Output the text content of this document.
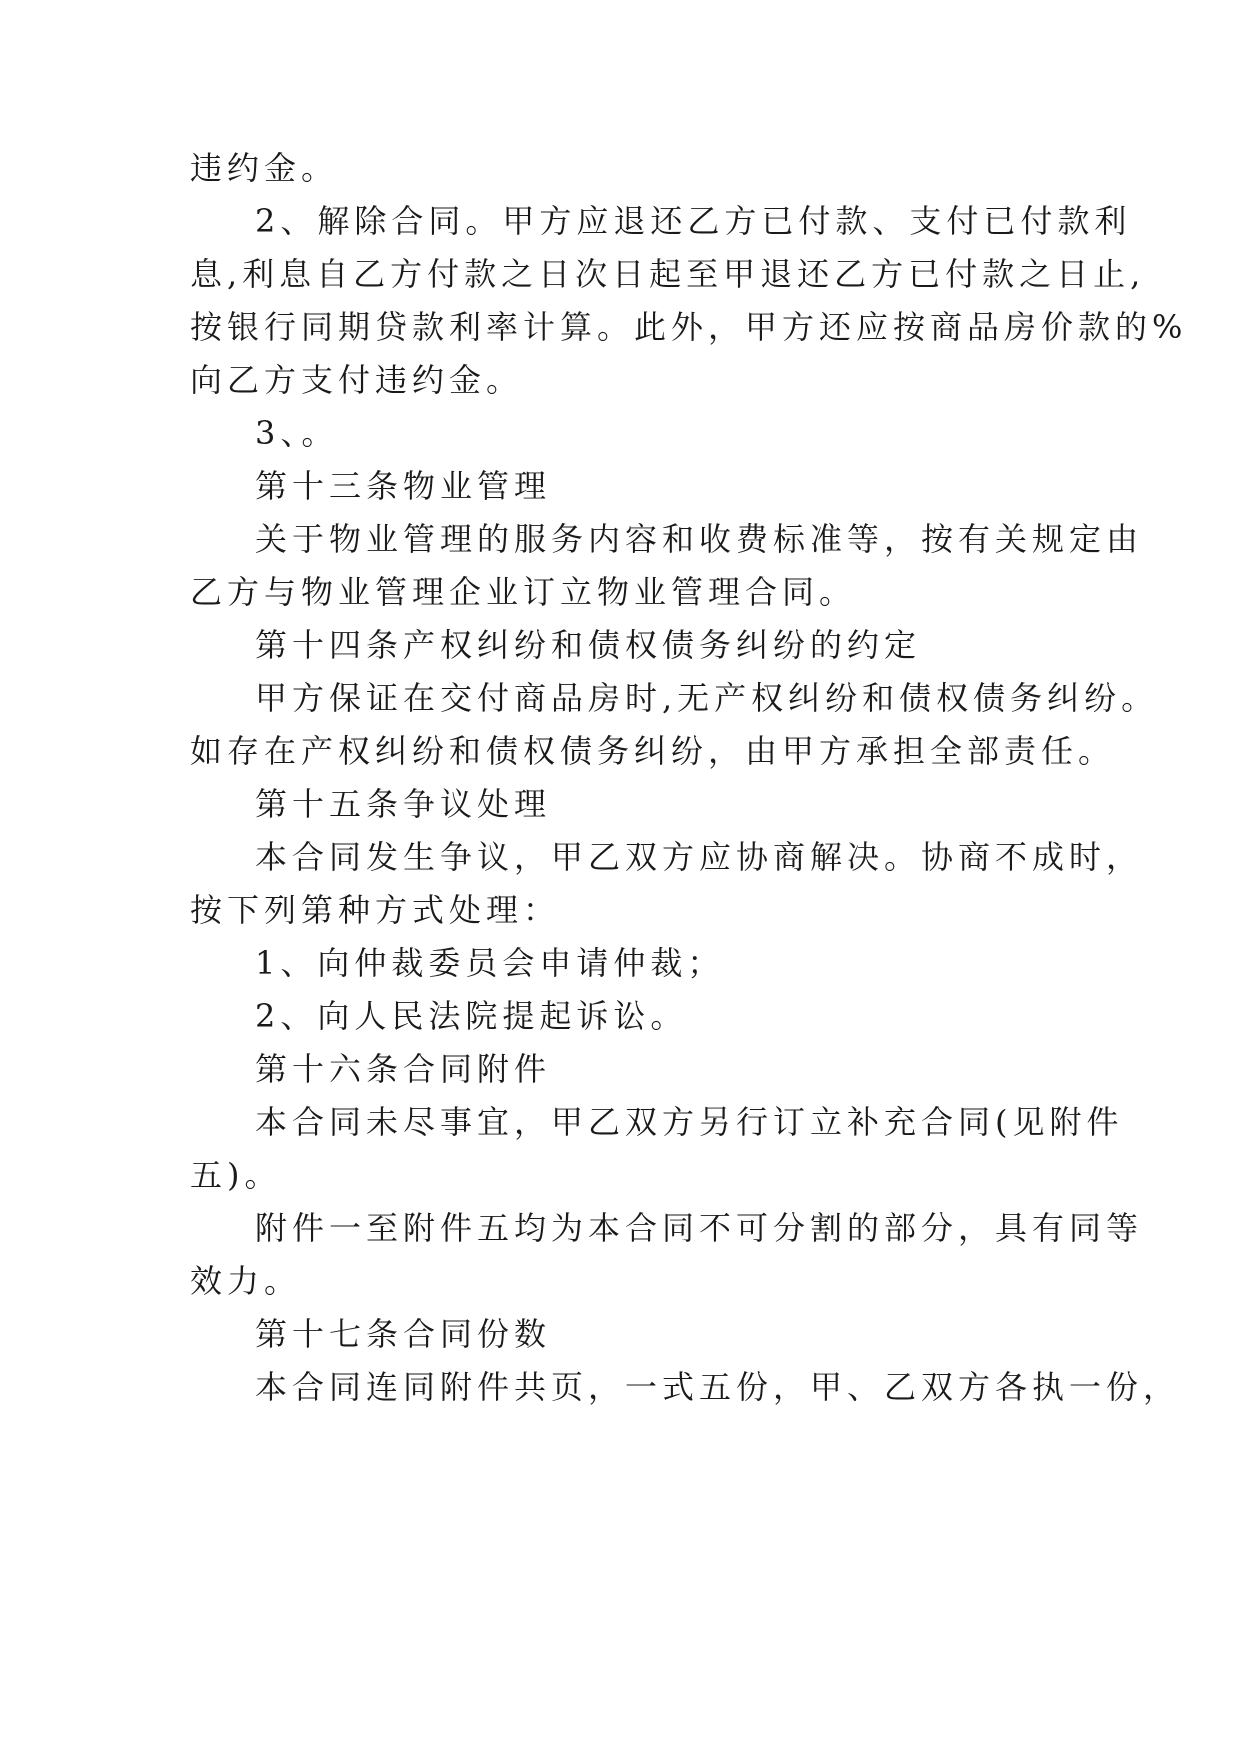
违约金。
2、解除合同。甲方应退还乙方已付款、支付已付款利
息,利息自乙方付款之日次日起至甲退还乙方已付款之日止,
按银行同期贷款利率计算。此外，甲方还应按商品房价款的%
向乙方支付违约金。
3、。
第十三条物业管理
关于物业管理的服务内容和收费标准等，按有关规定由
乙方与物业管理企业订立物业管理合同。
第十四条产权纠纷和债权债务纠纷的约定
甲方保证在交付商品房时,无产权纠纷和债权债务纠纷。
如存在产权纠纷和债权债务纠纷，由甲方承担全部责任。
第十五条争议处理
本合同发生争议，甲乙双方应协商解决。协商不成时，
按下列第种方式处理：
1、向仲裁委员会申请仲裁；
2、向人民法院提起诉讼。
第十六条合同附件
本合同未尽事宜，甲乙双方另行订立补充合同(见附件
五)。
附件一至附件五均为本合同不可分割的部分，具有同等
效力。
第十七条合同份数
本合同连同附件共页，一式五份，甲、乙双方各执一份，
